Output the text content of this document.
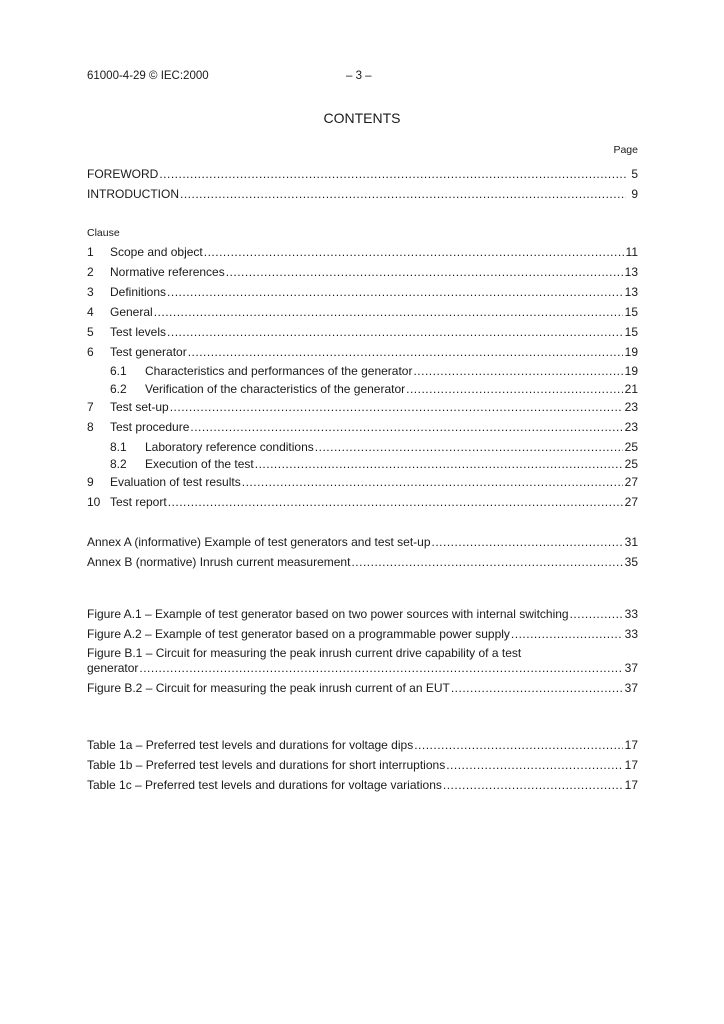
61000-4-29 © IEC:2000	– 3 –
CONTENTS
Page
FOREWORD .....	5
INTRODUCTION .....	9
Clause
1	Scope and object .....	11
2	Normative references .....	13
3	Definitions .....	13
4	General .....	15
5	Test levels .....	15
6	Test generator .....	19
6.1	Characteristics and performances of the generator .....	19
6.2	Verification of the characteristics of the generator .....	21
7	Test set-up .....	23
8	Test procedure .....	23
8.1	Laboratory reference conditions .....	25
8.2	Execution of the test .....	25
9	Evaluation of test results .....	27
10 Test report .....	27
Annex A (informative) Example of test generators and test set-up .....	31
Annex B (normative) Inrush current measurement .....	35
Figure A.1 – Example of test generator based on two power sources with internal switching .....	33
Figure A.2 – Example of test generator based on a programmable power supply .....	33
Figure B.1 – Circuit for measuring the peak inrush current drive capability of a test
generator .....	37
Figure B.2 – Circuit for measuring the peak inrush current of an EUT .....	37
Table 1a – Preferred test levels and durations for voltage dips .....	17
Table 1b – Preferred test levels and durations for short interruptions .....	17
Table 1c – Preferred test levels and durations for voltage variations .....	17
